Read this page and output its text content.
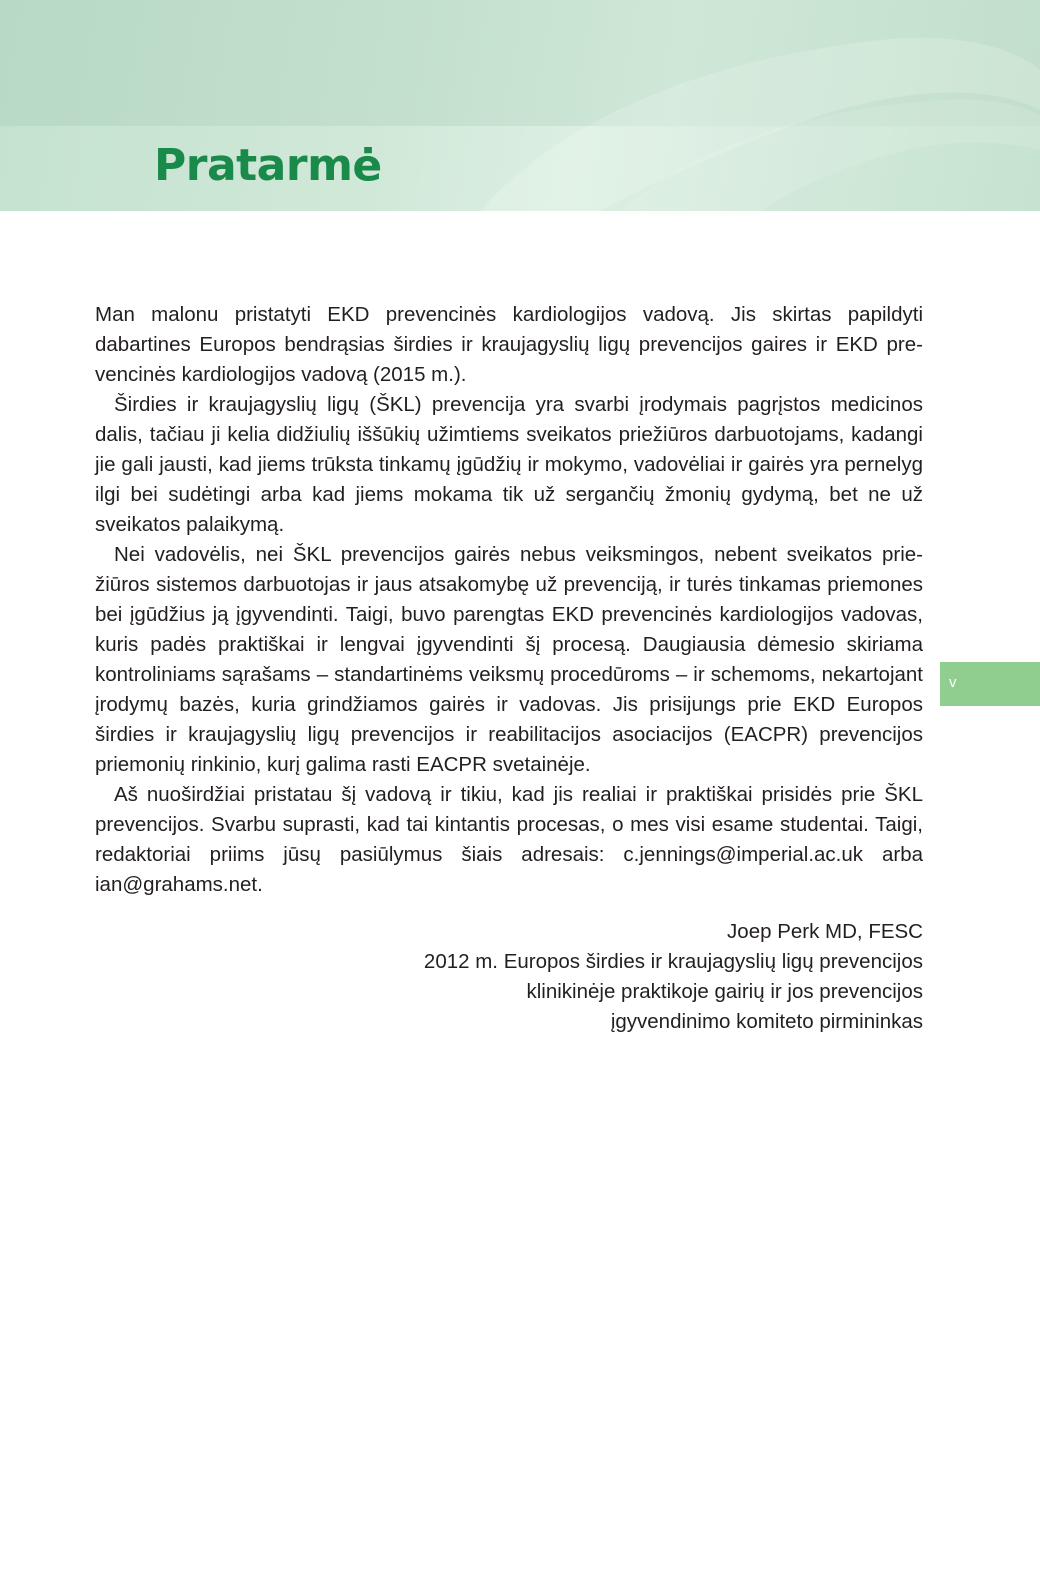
Pratarmė

Man malonu pristatyti EKD prevencinės kardiologijos vadovą. Jis skirtas papildyti dabartines Europos bendrąsias širdies ir kraujagyslių ligų prevencijos gaires ir EKD prevencinės kardiologijos vadovą (2015 m.).

Širdies ir kraujagyslių ligų (ŠKL) prevencija yra svarbi įrodymais pagrįstos medicinos dalis, tačiau ji kelia didžiulių iššūkių užimtiems sveikatos priežiūros darbuotojams, kadangi jie gali jausti, kad jiems trūksta tinkamų įgūdžių ir mokymo, vadovėliai ir gairės yra pernelyg ilgi bei sudėtingi arba kad jiems mokama tik už sergančių žmonių gydymą, bet ne už sveikatos palaikymą.

Nei vadovėlis, nei ŠKL prevencijos gairės nebus veiksmingos, nebent sveikatos priežiūros sistemos darbuotojas ir jaus atsakomybę už prevenciją, ir turės tinkamas priemones bei įgūdžius ją įgyvendinti. Taigi, buvo parengtas EKD prevencinės kardiologijos vadovas, kuris padės praktiškai ir lengvai įgyvendinti šį procesą. Daugiausia dėmesio skiriama kontroliniams sąrašams – standartinėms veiksmų procedūroms – ir schemoms, nekartojant įrodymų bazės, kuria grindžiamos gairės ir vadovas. Jis prisijungs prie EKD Europos širdies ir kraujagyslių ligų prevencijos ir reabilitacijos asociacijos (EACPR) prevencijos priemonių rinkinio, kurį galima rasti EACPR svetainėje.

Aš nuoširdžiai pristatau šį vadovą ir tikiu, kad jis realiai ir praktiškai prisidės prie ŠKL prevencijos. Svarbu suprasti, kad tai kintantis procesas, o mes visi esame studentai. Taigi, redaktoriai priims jūsų pasiūlymus šiais adresais: c.jennings@imperial.ac.uk arba ian@grahams.net.

Joep Perk MD, FESC
2012 m. Europos širdies ir kraujagyslių ligų prevencijos
klinikinėje praktikoje gairių ir jos prevencijos
įgyvendinimo komiteto pirmininkas
v
